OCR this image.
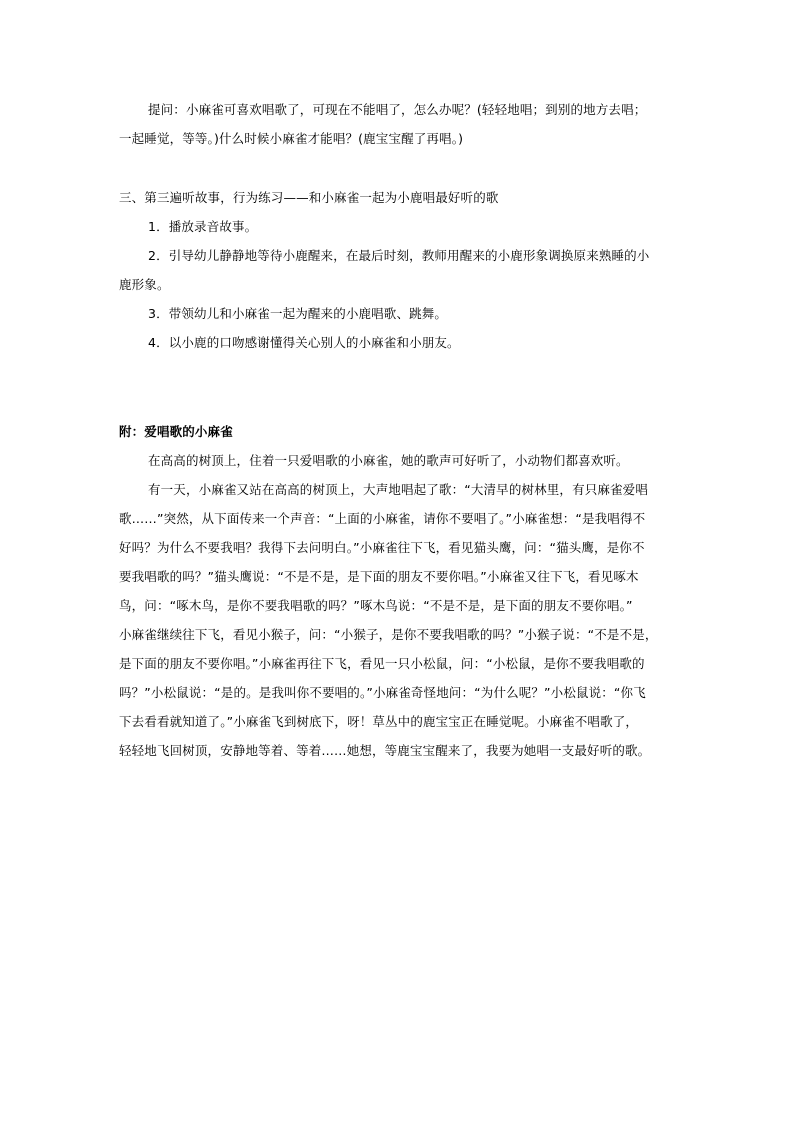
提问：小麻雀可喜欢唱歌了，可现在不能唱了，怎么办呢？(轻轻地唱；到别的地方去唱；
一起睡觉，等等。)什么时候小麻雀才能唱？(鹿宝宝醒了再唱。)
三、第三遍听故事，行为练习——和小麻雀一起为小鹿唱最好听的歌
1．播放录音故事。
2．引导幼儿静静地等待小鹿醒来，在最后时刻，教师用醒来的小鹿形象调换原来熟睡的小
鹿形象。
3．带领幼儿和小麻雀一起为醒来的小鹿唱歌、跳舞。
4．以小鹿的口吻感谢懂得关心别人的小麻雀和小朋友。
附：爱唱歌的小麻雀
在高高的树顶上，住着一只爱唱歌的小麻雀，她的歌声可好听了，小动物们都喜欢听。
有一天，小麻雀又站在高高的树顶上，大声地唱起了歌：“大清早的树林里，有只麻雀爱唱
歌……”突然，从下面传来一个声音：“上面的小麻雀，请你不要唱了。”小麻雀想：“是我唱得不
好吗？为什么不要我唱？我得下去问明白。”小麻雀往下飞，看见猫头鹰，问：“猫头鹰，是你不
要我唱歌的吗？”猫头鹰说：“不是不是，是下面的朋友不要你唱。”小麻雀又往下飞，看见啄木
鸟，问：“啄木鸟，是你不要我唱歌的吗？”啄木鸟说：“不是不是，是下面的朋友不要你唱。”
小麻雀继续往下飞，看见小猴子，问：“小猴子，是你不要我唱歌的吗？”小猴子说：“不是不是，
是下面的朋友不要你唱。”小麻雀再往下飞，看见一只小松鼠，问：“小松鼠，是你不要我唱歌的
吗？”小松鼠说：“是的。是我叫你不要唱的。”小麻雀奇怪地问：“为什么呢？”小松鼠说：“你飞
下去看看就知道了。”小麻雀飞到树底下，呀！草丛中的鹿宝宝正在睡觉呢。小麻雀不唱歌了，
轻轻地飞回树顶，安静地等着、等着……她想，等鹿宝宝醒来了，我要为她唱一支最好听的歌。
